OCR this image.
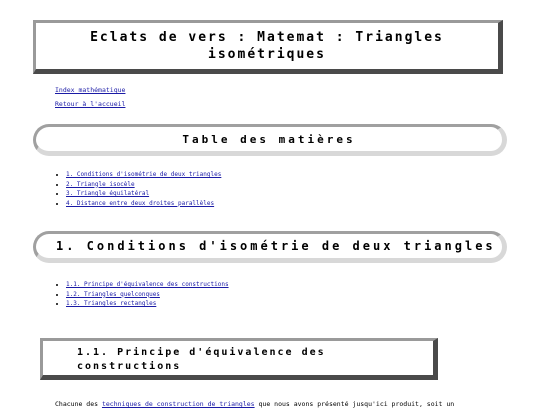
Eclats de vers : Matemat : Triangles isométriques
Index mathématique
Retour à l'accueil
Table des matières
• 1. Conditions d'isométrie de deux triangles
• 2. Triangle isocèle
• 3. Triangle équilatéral
• 4. Distance entre deux droites parallèles
1. Conditions d'isométrie de deux triangles
• 1.1. Principe d'équivalence des constructions
• 1.2. Triangles quelconques
• 1.3. Triangles rectangles
1.1. Principe d'équivalence des constructions
Chacune des techniques de construction de triangles que nous avons présenté jusqu'ici produit, soit un
